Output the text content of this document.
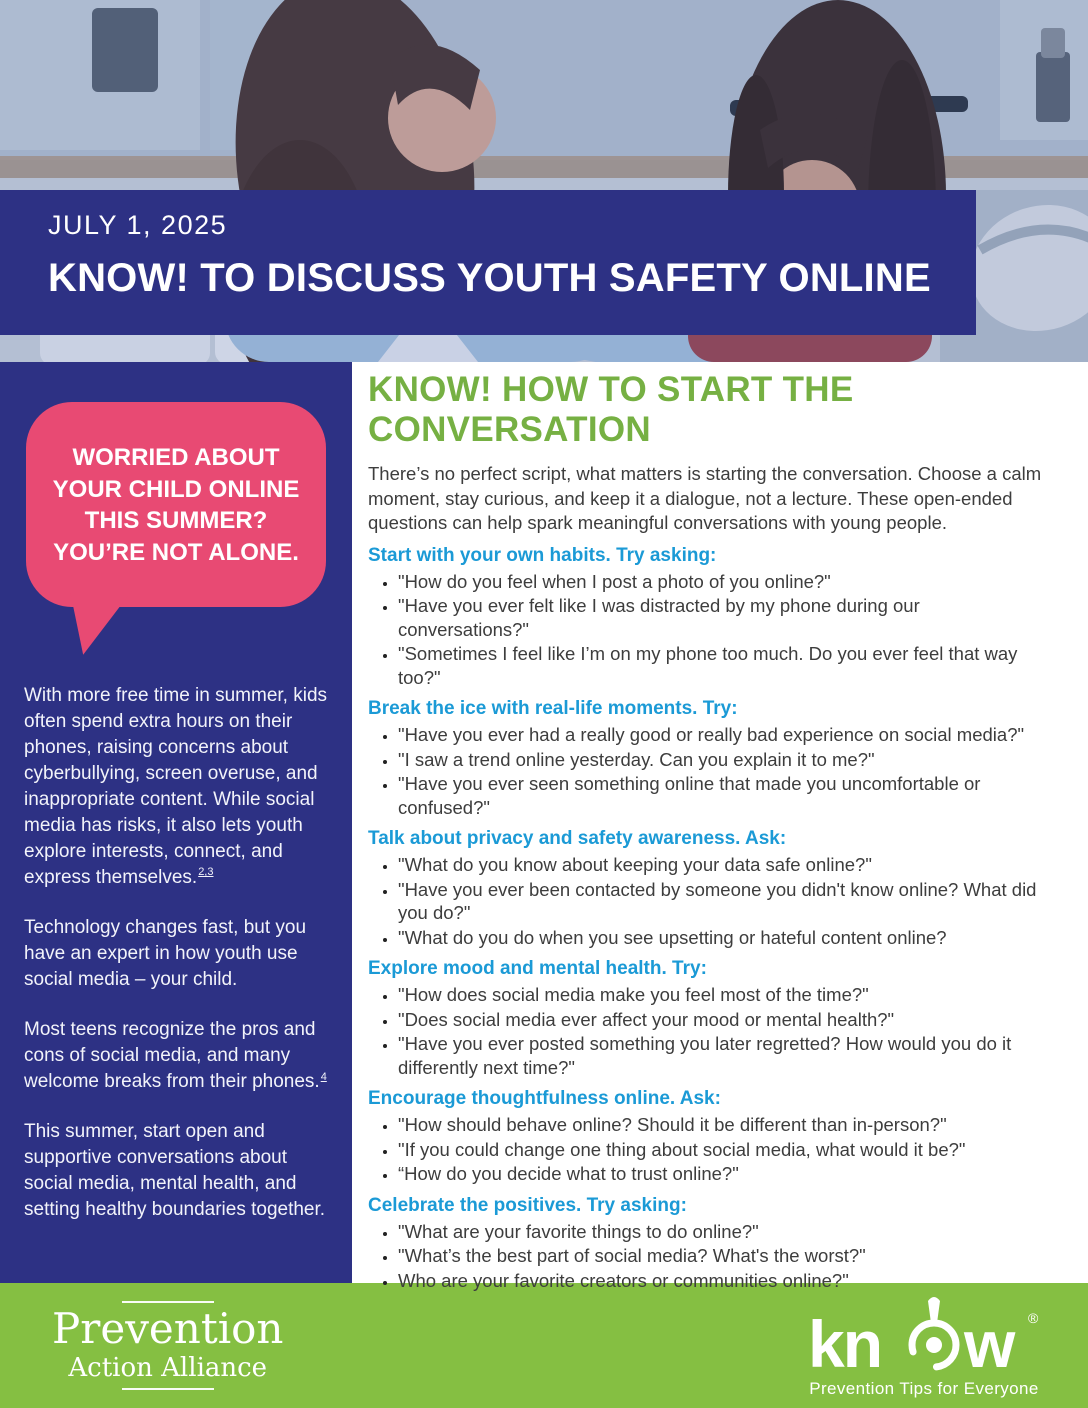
JULY 1, 2025

KNOW! TO DISCUSS YOUTH SAFETY ONLINE
WORRIED ABOUT YOUR CHILD ONLINE THIS SUMMER? YOU’RE NOT ALONE.

With more free time in summer, kids often spend extra hours on their phones, raising concerns about cyberbullying, screen overuse, and inappropriate content. While social media has risks, it also lets youth explore interests, connect, and express themselves.$^{2,3}$

Technology changes fast, but you have an expert in how youth use social media – your child.

Most teens recognize the pros and cons of social media, and many welcome breaks from their phones.$^4$

This summer, start open and supportive conversations about social media, mental health, and setting healthy boundaries together.

KNOW! HOW TO START THE CONVERSATION

There’s no perfect script, what matters is starting the conversation. Choose a calm moment, stay curious, and keep it a dialogue, not a lecture. These open-ended questions can help spark meaningful conversations with young people.

Start with your own habits. Try asking:
• "How do you feel when I post a photo of you online?"
• "Have you ever felt like I was distracted by my phone during our conversations?"
• "Sometimes I feel like I’m on my phone too much. Do you ever feel that way too?"
Break the ice with real-life moments. Try:
• "Have you ever had a really good or really bad experience on social media?"
• "I saw a trend online yesterday. Can you explain it to me?"
• "Have you ever seen something online that made you uncomfortable or confused?"
Talk about privacy and safety awareness. Ask:
• "What do you know about keeping your data safe online?"
• "Have you ever been contacted by someone you didn't know online? What did you do?"
• "What do you do when you see upsetting or hateful content online?
Explore mood and mental health. Try:
• "How does social media make you feel most of the time?"
• "Does social media ever affect your mood or mental health?"
• "Have you ever posted something you later regretted? How would you do it differently next time?"
Encourage thoughtfulness online. Ask:
• "How should behave online? Should it be different than in-person?"
• "If you could change one thing about social media, what would it be?"
• “How do you decide what to trust online?"
Celebrate the positives. Try asking:
• "What are your favorite things to do online?"
• "What’s the best part of social media? What's the worst?"
• Who are your favorite creators or communities online?"
Prevention
Action Alliance	kn w ®
Prevention Tips for Everyone
